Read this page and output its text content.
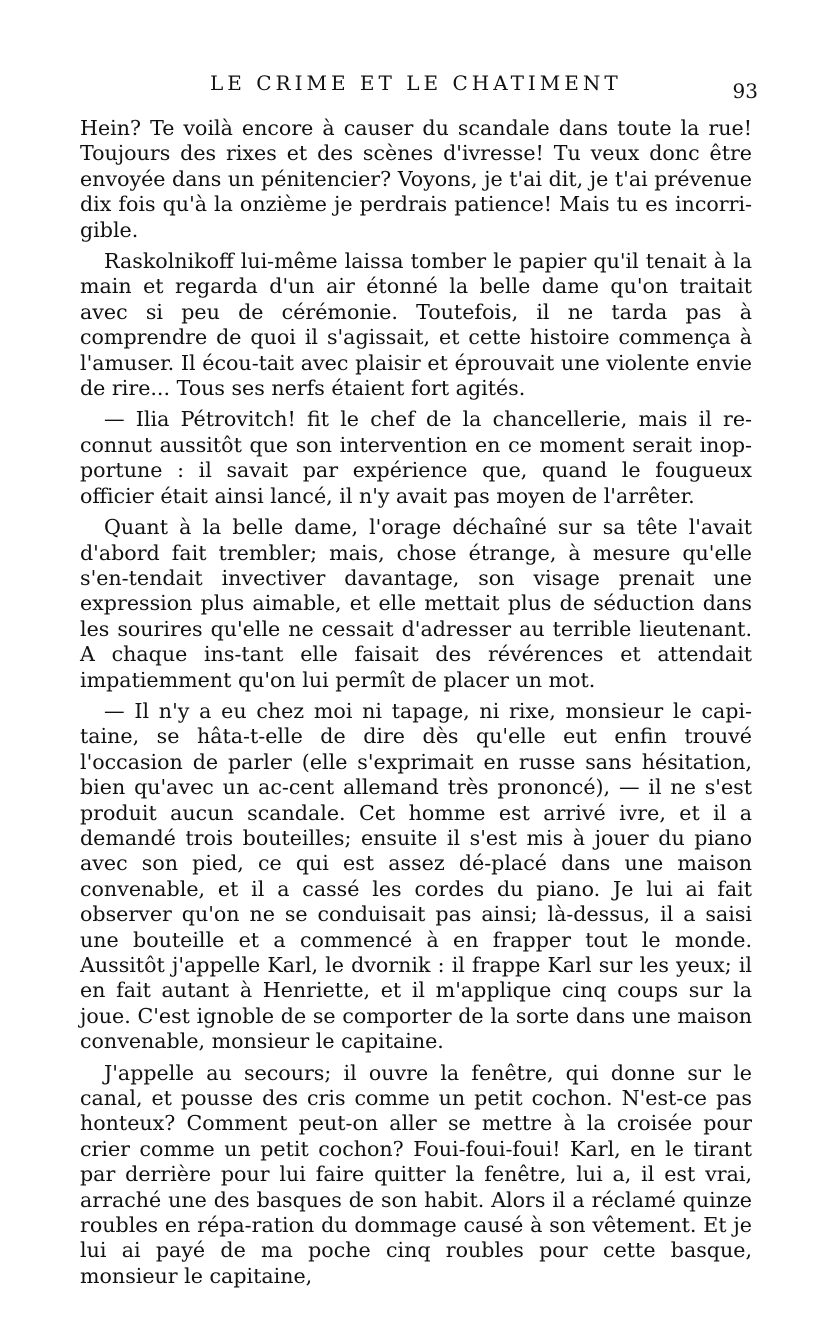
LE CRIME ET LE CHATIMENT	93

Hein? Te voilà encore à causer du scandale dans toute la rue! Toujours des rixes et des scènes d'ivresse! Tu veux donc être envoyée dans un pénitencier? Voyons, je t'ai dit, je t'ai prévenue dix fois qu'à la onzième je perdrais patience! Mais tu es incorri-gible.

Raskolnikoff lui-même laissa tomber le papier qu'il tenait à la main et regarda d'un air étonné la belle dame qu'on traitait avec si peu de cérémonie. Toutefois, il ne tarda pas à comprendre de quoi il s'agissait, et cette histoire commença à l'amuser. Il écou-tait avec plaisir et éprouvait une violente envie de rire... Tous ses nerfs étaient fort agités.

— Ilia Pétrovitch! fit le chef de la chancellerie, mais il re-connut aussitôt que son intervention en ce moment serait inop-portune : il savait par expérience que, quand le fougueux officier était ainsi lancé, il n'y avait pas moyen de l'arrêter.

Quant à la belle dame, l'orage déchaîné sur sa tête l'avait d'abord fait trembler; mais, chose étrange, à mesure qu'elle s'en-tendait invectiver davantage, son visage prenait une expression plus aimable, et elle mettait plus de séduction dans les sourires qu'elle ne cessait d'adresser au terrible lieutenant. A chaque ins-tant elle faisait des révérences et attendait impatiemment qu'on lui permît de placer un mot.

— Il n'y a eu chez moi ni tapage, ni rixe, monsieur le capi-taine, se hâta-t-elle de dire dès qu'elle eut enfin trouvé l'occasion de parler (elle s'exprimait en russe sans hésitation, bien qu'avec un ac-cent allemand très prononcé), — il ne s'est produit aucun scandale. Cet homme est arrivé ivre, et il a demandé trois bouteilles; ensuite il s'est mis à jouer du piano avec son pied, ce qui est assez dé-placé dans une maison convenable, et il a cassé les cordes du piano. Je lui ai fait observer qu'on ne se conduisait pas ainsi; là-dessus, il a saisi une bouteille et a commencé à en frapper tout le monde. Aussitôt j'appelle Karl, le dvornik : il frappe Karl sur les yeux; il en fait autant à Henriette, et il m'applique cinq coups sur la joue. C'est ignoble de se comporter de la sorte dans une maison convenable, monsieur le capitaine.

J'appelle au secours; il ouvre la fenêtre, qui donne sur le canal, et pousse des cris comme un petit cochon. N'est-ce pas honteux? Comment peut-on aller se mettre à la croisée pour crier comme un petit cochon? Foui-foui-foui! Karl, en le tirant par derrière pour lui faire quitter la fenêtre, lui a, il est vrai, arraché une des basques de son habit. Alors il a réclamé quinze roubles en répa-ration du dommage causé à son vêtement. Et je lui ai payé de ma poche cinq roubles pour cette basque, monsieur le capitaine,
